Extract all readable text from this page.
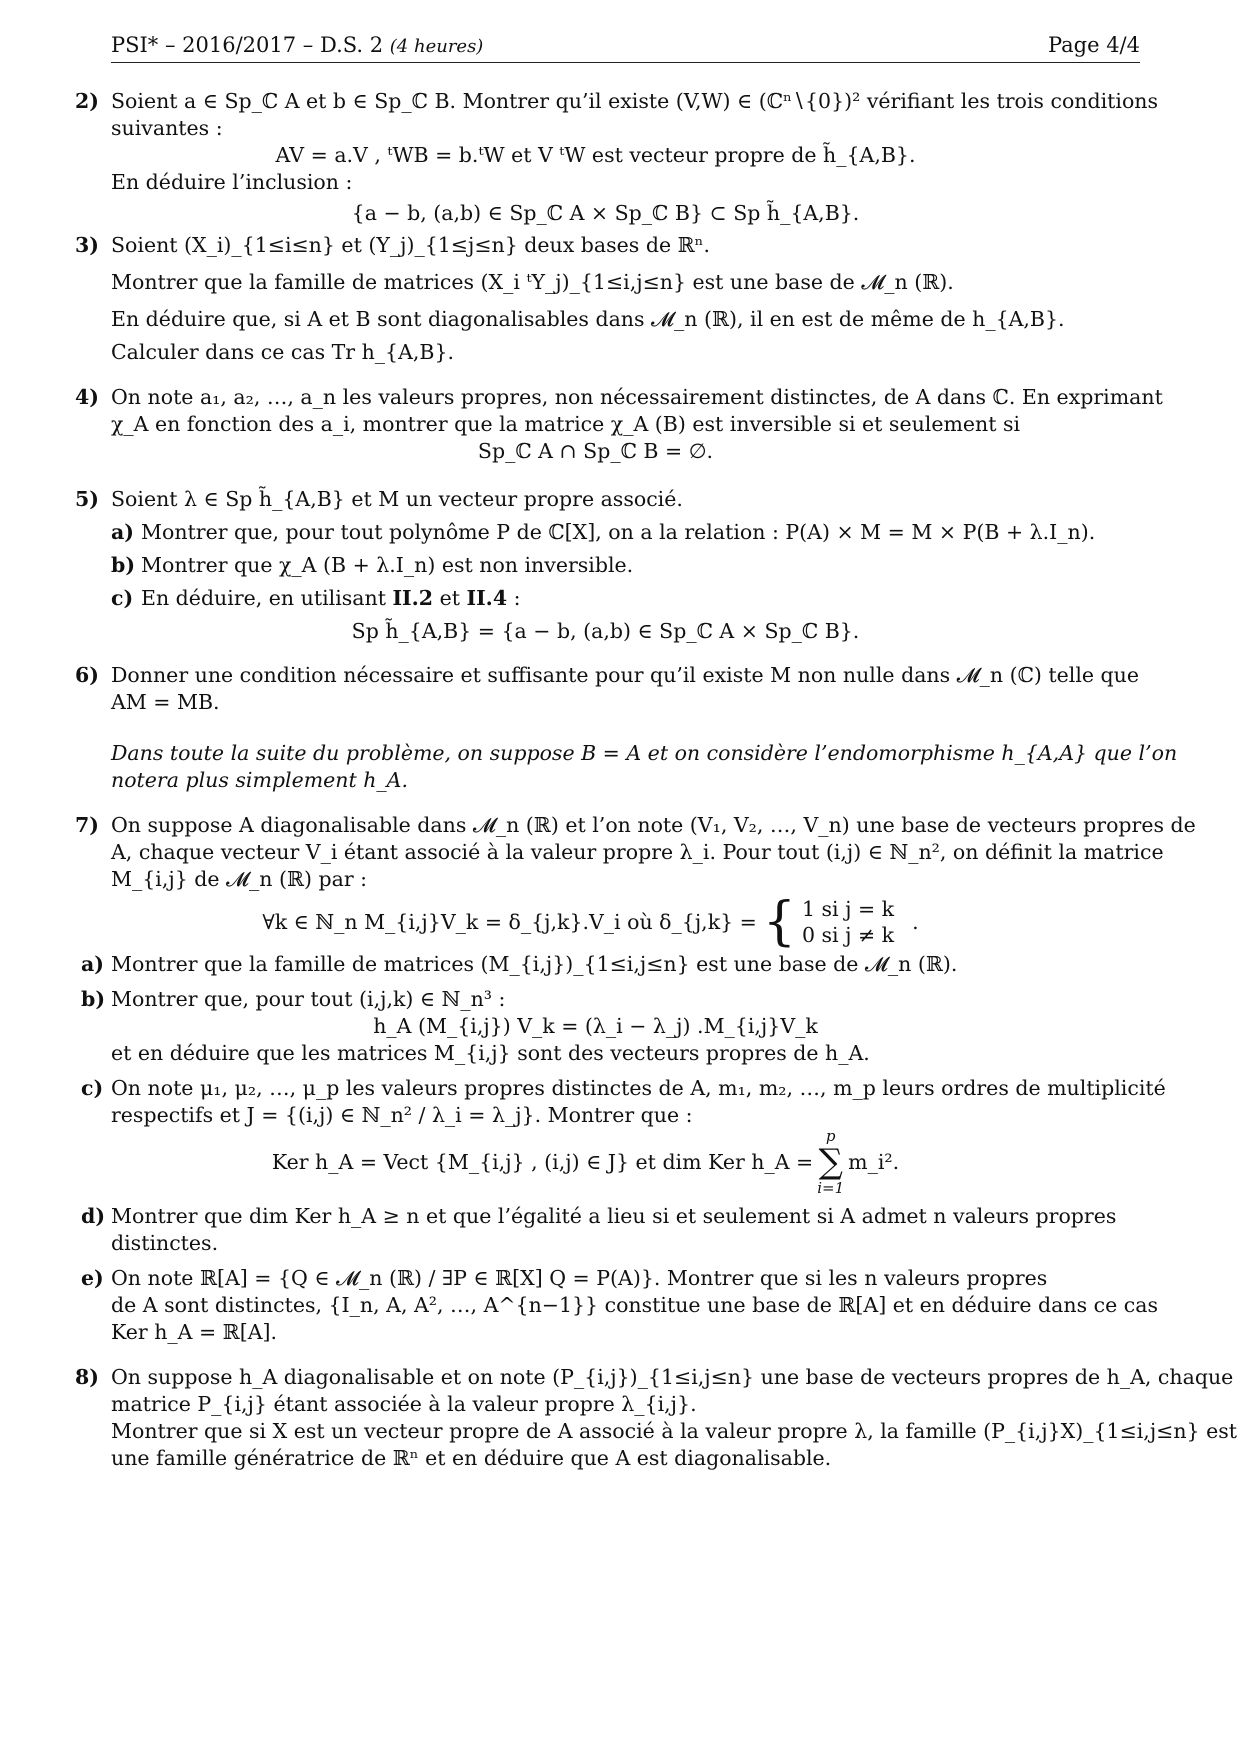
PSI* – 2016/2017 – D.S. 2 (4 heures)	Page 4/4
2) Soient a ∈ Sp_ℂ A et b ∈ Sp_ℂ B. Montrer qu’il existe (V,W) ∈ (ℂⁿ∖{0})² vérifiant les trois conditions
suivantes :
AV = a.V , ᵗWB = b.ᵗW et V ᵗW est vecteur propre de h̃_{A,B}.
En déduire l’inclusion :
{a − b, (a,b) ∈ Sp_ℂ A × Sp_ℂ B} ⊂ Sp h̃_{A,B}.
3) Soient (X_i)_{1≤i≤n} et (Y_j)_{1≤j≤n} deux bases de ℝⁿ.
Montrer que la famille de matrices (X_i ᵗY_j)_{1≤i,j≤n} est une base de 𝓜_n (ℝ).
En déduire que, si A et B sont diagonalisables dans 𝓜_n (ℝ), il en est de même de h_{A,B}.
Calculer dans ce cas Tr h_{A,B}.
4) On note a₁, a₂, …, a_n les valeurs propres, non nécessairement distinctes, de A dans ℂ. En exprimant
χ_A en fonction des a_i, montrer que la matrice χ_A (B) est inversible si et seulement si
Sp_ℂ A ∩ Sp_ℂ B = ∅.
5) Soient λ ∈ Sp h̃_{A,B} et M un vecteur propre associé.
a) Montrer que, pour tout polynôme P de ℂ[X], on a la relation : P(A) × M = M × P(B + λ.I_n).
b) Montrer que χ_A (B + λ.I_n) est non inversible.
c) En déduire, en utilisant II.2 et II.4 :
Sp h̃_{A,B} = {a − b, (a,b) ∈ Sp_ℂ A × Sp_ℂ B}.
6) Donner une condition nécessaire et suffisante pour qu’il existe M non nulle dans 𝓜_n (ℂ) telle que
AM = MB.
Dans toute la suite du problème, on suppose B = A et on considère l’endomorphisme h_{A,A} que l’on
notera plus simplement h_A.
7) On suppose A diagonalisable dans 𝓜_n (ℝ) et l’on note (V₁, V₂, …, V_n) une base de vecteurs propres de
A, chaque vecteur V_i étant associé à la valeur propre λ_i. Pour tout (i,j) ∈ ℕ_n², on définit la matrice
M_{i,j} de 𝓜_n (ℝ) par :
∀k ∈ ℕ_n M_{i,j}V_k = δ_{j,k}.V_i où δ_{j,k} = { 1 si j = k
0 si j ≠ k
.
a) Montrer que la famille de matrices (M_{i,j})_{1≤i,j≤n} est une base de 𝓜_n (ℝ).
b) Montrer que, pour tout (i,j,k) ∈ ℕ_n³ :
h_A (M_{i,j}) V_k = (λ_i − λ_j) .M_{i,j}V_k
et en déduire que les matrices M_{i,j} sont des vecteurs propres de h_A.
c) On note μ₁, μ₂, …, μ_p les valeurs propres distinctes de A, m₁, m₂, …, m_p leurs ordres de multiplicité
respectifs et J = {(i,j) ∈ ℕ_n² / λ_i = λ_j}. Montrer que :
Ker h_A = Vect {M_{i,j} , (i,j) ∈ J} et dim Ker h_A =
p
∑
i=1
m_i².
d) Montrer que dim Ker h_A ≥ n et que l’égalité a lieu si et seulement si A admet n valeurs propres
distinctes.
e) On note ℝ[A] = {Q ∈ 𝓜_n (ℝ) / ∃P ∈ ℝ[X] Q = P(A)}. Montrer que si les n valeurs propres
de A sont distinctes, {I_n, A, A², …, A^{n−1}} constitue une base de ℝ[A] et en déduire dans ce cas
Ker h_A = ℝ[A].
8) On suppose h_A diagonalisable et on note (P_{i,j})_{1≤i,j≤n} une base de vecteurs propres de h_A, chaque
matrice P_{i,j} étant associée à la valeur propre λ_{i,j}.
Montrer que si X est un vecteur propre de A associé à la valeur propre λ, la famille (P_{i,j}X)_{1≤i,j≤n} est
une famille génératrice de ℝⁿ et en déduire que A est diagonalisable.
